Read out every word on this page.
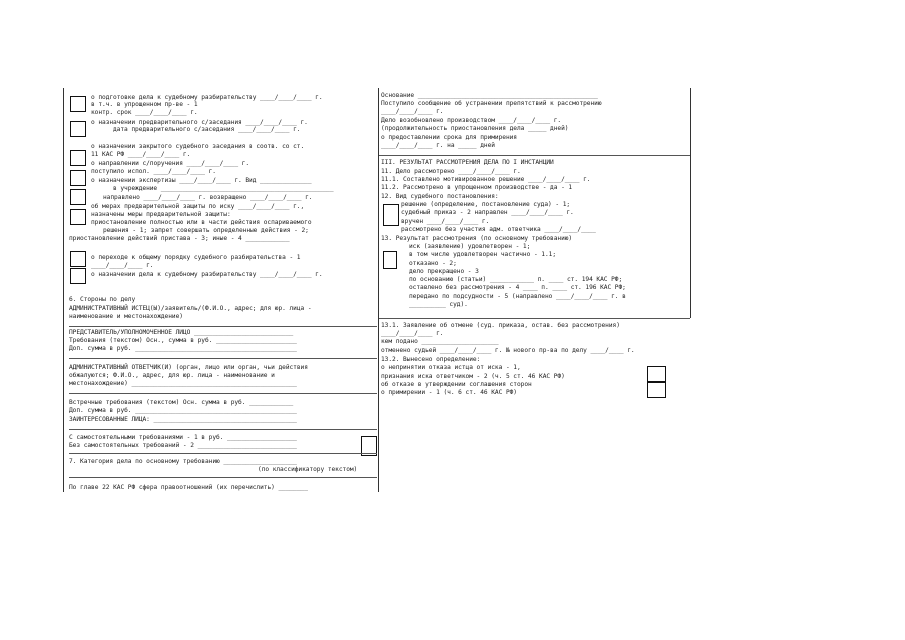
о подготовке дела к судебному разбирательству ____/____/____ г.
в т.ч. в упрощенном пр-ве - 1
контр. срок ____/____/____ г.
о назначении предварительного с/заседания ____/____/____ г.
дата предварительного с/заседания ____/____/____ г.
о назначении закрытого судебного заседания в соотв. со ст.
11 КАС РФ ____/____/____ г.
о направлении с/поручения ____/____/____ г.
поступило испол. ____/____/____ г.
о назначении экспертизы ____/____/____ г. Вид ______________
в учреждение _______________________________________________
направлено ____/____/____ г. возвращено ____/____/____ г.
об мерах предварительной защиты по иску ____/____/____ г.,
назначены меры предварительной защиты:
приостановление полностью или в части действия оспариваемого
решения - 1; запрет совершать определенные действия - 2;
приостановление действий пристава - 3; иные - 4 ____________
о переходе к общему порядку судебного разбирательства - 1
____/____/____ г.
о назначении дела к судебному разбирательству ____/____/____ г.
6. Стороны по делу
АДМИНИСТРАТИВНЫЙ ИСТЕЦ(Ы)/заявитель/(Ф.И.О., адрес; для юр. лица -
наименование и местонахождение)
ПРЕДСТАВИТЕЛЬ/УПОЛНОМОЧЕННОЕ ЛИЦО ___________________________
Требования (текстом) Осн., сумма в руб. ______________________
Доп. сумма в руб. ____________________________________________
АДМИНИСТРАТИВНЫЙ ОТВЕТЧИК(И) (орган, лицо или орган, чьи действия
обжалуются; Ф.И.О., адрес, для юр. лица - наименование и
местонахождение) _____________________________________________
Встречные требования (текстом) Осн. сумма в руб. ____________
Доп. сумма в руб. ____________________________________________
ЗАИНТЕРЕСОВАННЫЕ ЛИЦА: _______________________________________
С самостоятельными требованиями - 1 в руб. ___________________
Без самостоятельных требований - 2 ___________________________
7. Категория дела по основному требованию ____________________
(по классификатору текстом)
По главе 22 КАС РФ сфера правоотношений (их перечислить) ________
Основание _________________________________________________
Поступило сообщение об устранении препятствий к рассмотрению
____/____/____ г.
Дело возобновлено производством ____/____/____ г.
(продолжительность приостановления дела _____ дней)
о предоставлении срока для примирения
____/____/____ г. на _____ дней
III. РЕЗУЛЬТАТ РАССМОТРЕНИЯ ДЕЛА ПО I ИНСТАНЦИИ
11. Дело рассмотрено ____/____/____ г.
11.1. Составлено мотивированное решение ____/____/____ г.
11.2. Рассмотрено в упрощенном производстве - да - 1
12. Вид судебного постановления:
решение (определение, постановление суда) - 1;
судебный приказ - 2 направлен ____/____/____ г.
вручен ____/____/____ г.
рассмотрено без участия адм. ответчика ____/____/____
13. Результат рассмотрения (по основному требованию)
иск (заявление) удовлетворен - 1;
в том числе удовлетворен частично - 1.1;
отказано - 2;
дело прекращено - 3
по основанию (статьи) ____________ п. ____ ст. 194 КАС РФ;
оставлено без рассмотрения - 4 ____ п. ____ ст. 196 КАС РФ;
передано по подсудности - 5 (направлено ____/____/____ г. в
__________ суд).
13.1. Заявление об отмене (суд. приказа, остав. без рассмотрения)
____/____/____ г.
кем подано _____________________
отменено судьей ____/____/____ г. № нового пр-ва по делу ____/____ г.
13.2. Вынесено определение:
о непринятии отказа истца от иска - 1,
признания иска ответчиком - 2 (ч. 5 ст. 46 КАС РФ)
об отказе в утверждении соглашения сторон
о примирении - 1 (ч. 6 ст. 46 КАС РФ)
